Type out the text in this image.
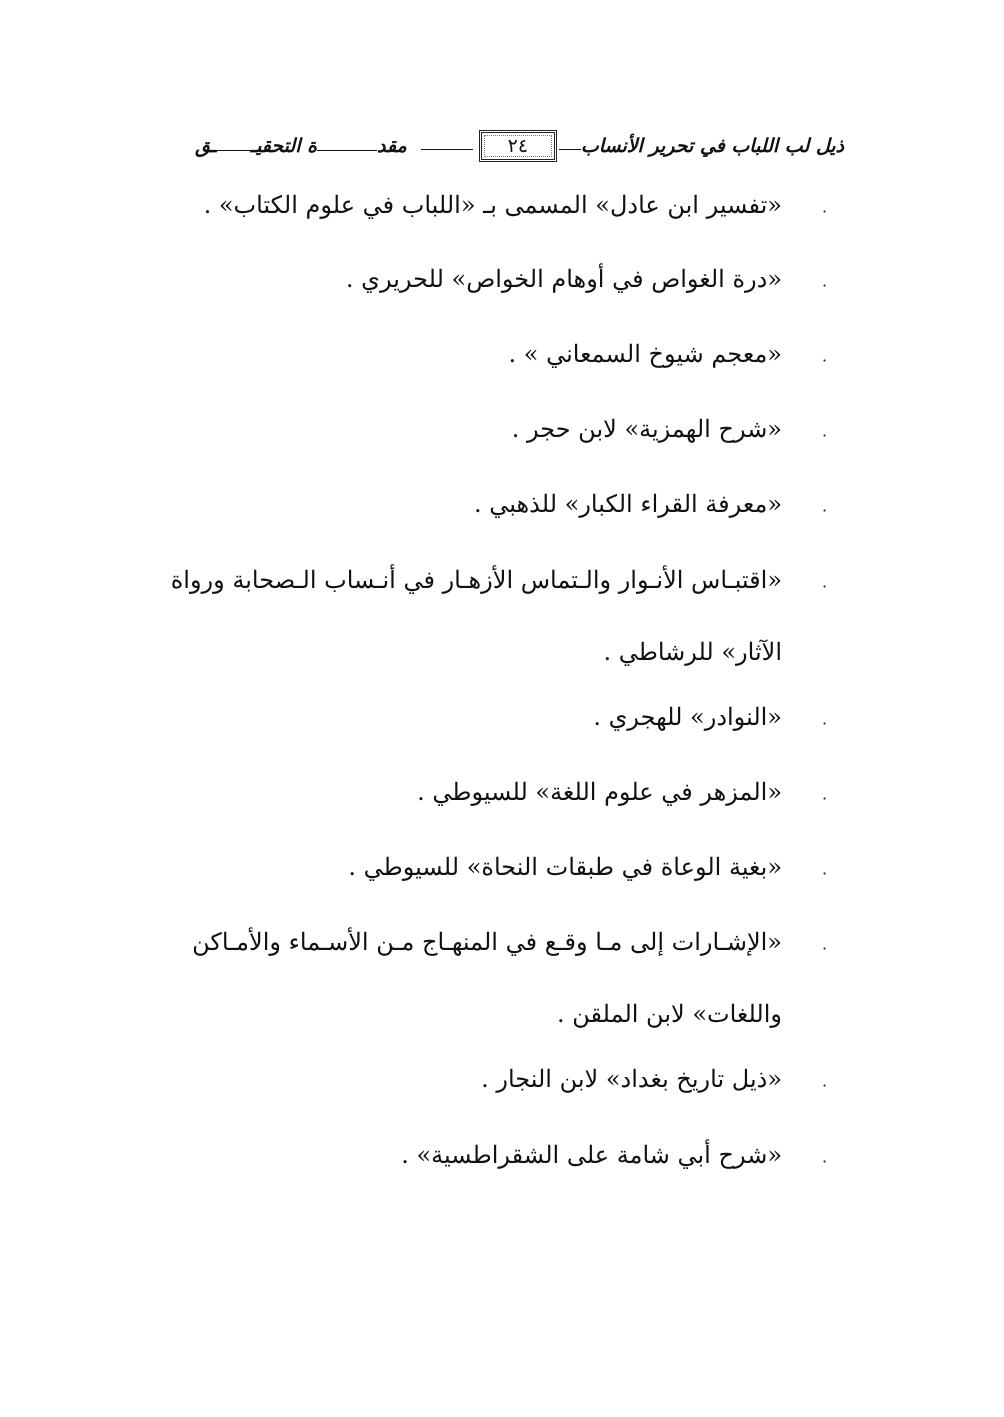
ذيل لب اللباب في تحرير الأنساب
٢٤
مقدة التحقيــق
·
«تفسير ابن عادل» المسمى بـ «اللباب في علوم الكتاب» .
·
«درة الغواص في أوهام الخواص» للحريري .
·
«معجم شيوخ السمعاني » .
·
«شرح الهمزية» لابن حجر .
·
«معرفة القراء الكبار» للذهبي .
·
«اقتبـاس الأنـوار والـتماس الأزهـار في أنـساب الـصحابة ورواة
الآثار» للرشاطي .
·
«النوادر» للهجري .
·
«المزهر في علوم اللغة» للسيوطي .
·
«بغية الوعاة في طبقات النحاة» للسيوطي .
·
«الإشـارات إلى مـا وقـع في المنهـاج مـن الأسـماء والأمـاكن
واللغات» لابن الملقن .
·
«ذيل تاريخ بغداد» لابن النجار .
·
«شرح أبي شامة على الشقراطسية» .
